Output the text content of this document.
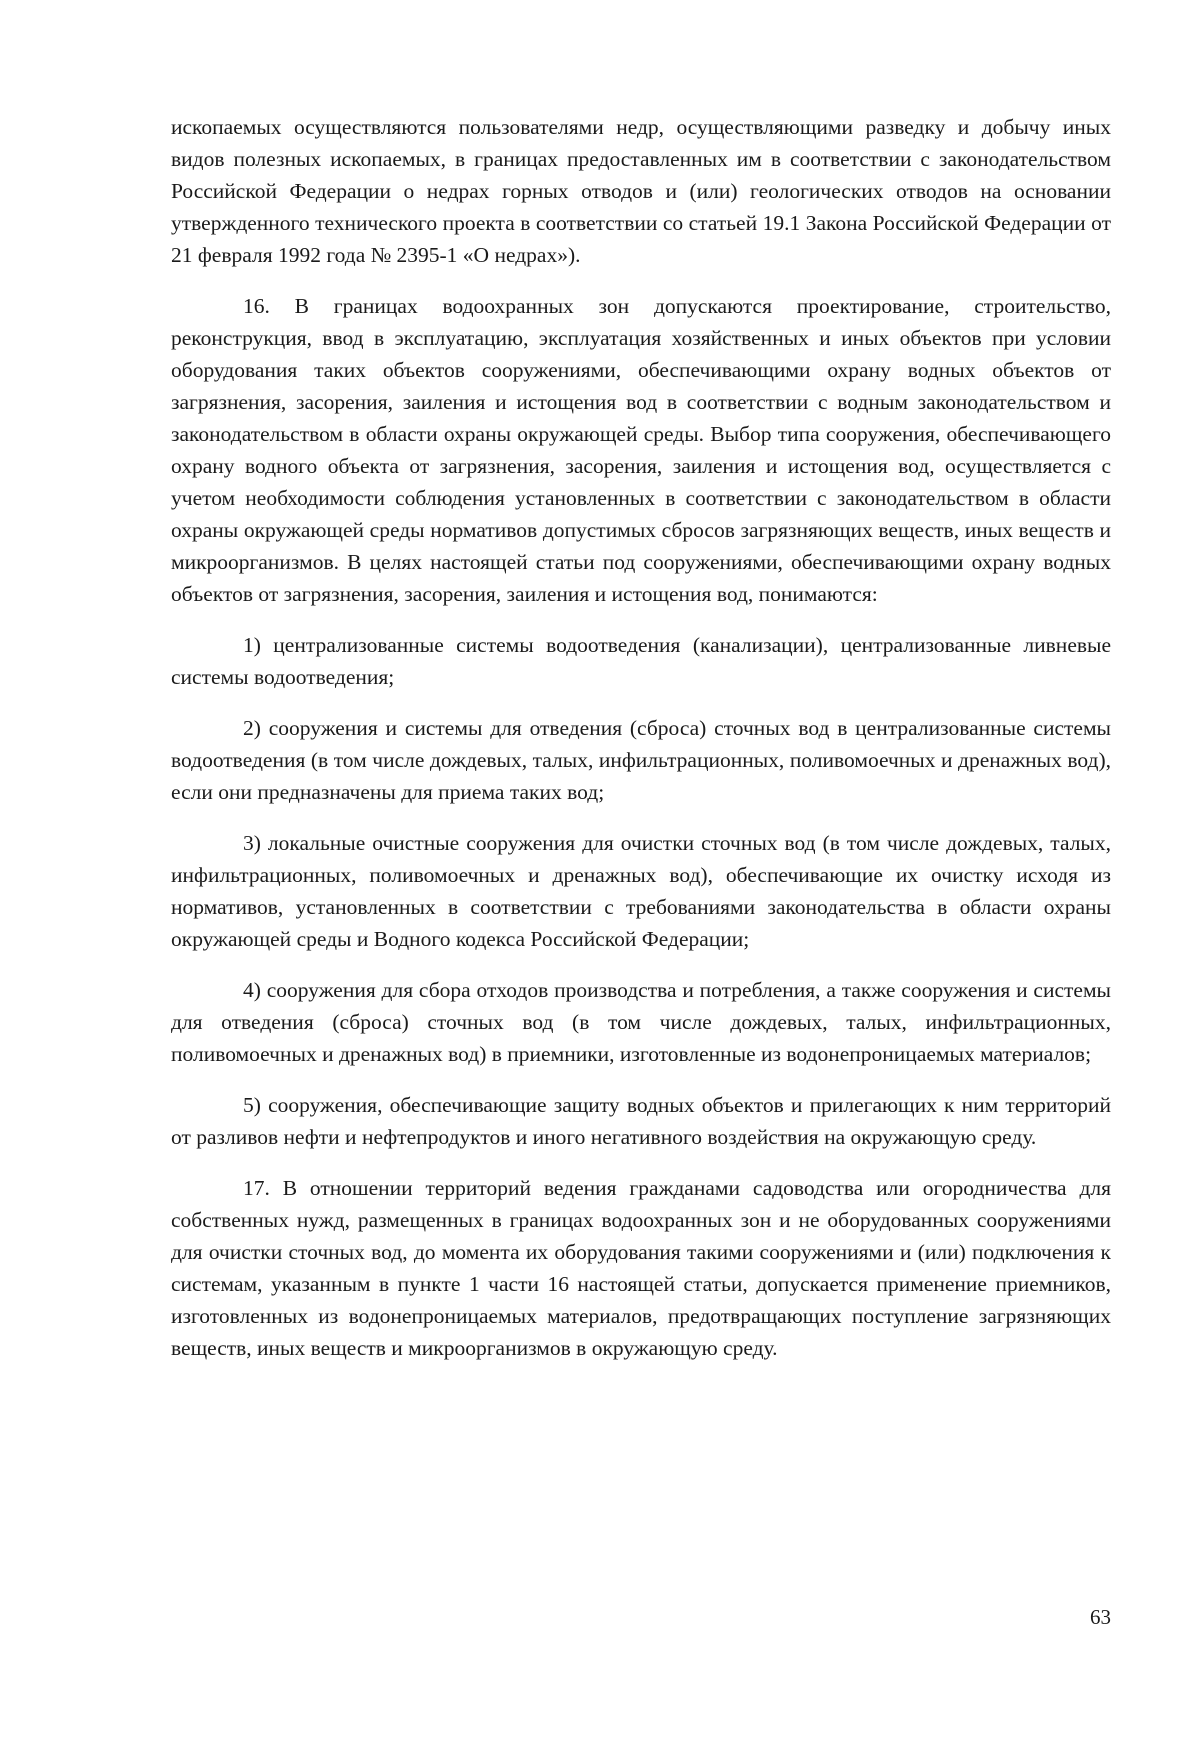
ископаемых осуществляются пользователями недр, осуществляющими разведку и добычу иных видов полезных ископаемых, в границах предоставленных им в соответствии с законодательством Российской Федерации о недрах горных отводов и (или) геологических отводов на основании утвержденного технического проекта в соответствии со статьей 19.1 Закона Российской Федерации от 21 февраля 1992 года № 2395-1 «О недрах»).

16. В границах водоохранных зон допускаются проектирование, строительство, реконструкция, ввод в эксплуатацию, эксплуатация хозяйственных и иных объектов при условии оборудования таких объектов сооружениями, обеспечивающими охрану водных объектов от загрязнения, засорения, заиления и истощения вод в соответствии с водным законодательством и законодательством в области охраны окружающей среды. Выбор типа сооружения, обеспечивающего охрану водного объекта от загрязнения, засорения, заиления и истощения вод, осуществляется с учетом необходимости соблюдения установленных в соответствии с законодательством в области охраны окружающей среды нормативов допустимых сбросов загрязняющих веществ, иных веществ и микроорганизмов. В целях настоящей статьи под сооружениями, обеспечивающими охрану водных объектов от загрязнения, засорения, заиления и истощения вод, понимаются:

1) централизованные системы водоотведения (канализации), централизованные ливневые системы водоотведения;

2) сооружения и системы для отведения (сброса) сточных вод в централизованные системы водоотведения (в том числе дождевых, талых, инфильтрационных, поливомоечных и дренажных вод), если они предназначены для приема таких вод;

3) локальные очистные сооружения для очистки сточных вод (в том числе дождевых, талых, инфильтрационных, поливомоечных и дренажных вод), обеспечивающие их очистку исходя из нормативов, установленных в соответствии с требованиями законодательства в области охраны окружающей среды и Водного кодекса Российской Федерации;

4) сооружения для сбора отходов производства и потребления, а также сооружения и системы для отведения (сброса) сточных вод (в том числе дождевых, талых, инфильтрационных, поливомоечных и дренажных вод) в приемники, изготовленные из водонепроницаемых материалов;

5) сооружения, обеспечивающие защиту водных объектов и прилегающих к ним территорий от разливов нефти и нефтепродуктов и иного негативного воздействия на окружающую среду.

17. В отношении территорий ведения гражданами садоводства или огородничества для собственных нужд, размещенных в границах водоохранных зон и не оборудованных сооружениями для очистки сточных вод, до момента их оборудования такими сооружениями и (или) подключения к системам, указанным в пункте 1 части 16 настоящей статьи, допускается применение приемников, изготовленных из водонепроницаемых материалов, предотвращающих поступление загрязняющих веществ, иных веществ и микроорганизмов в окружающую среду.

63
